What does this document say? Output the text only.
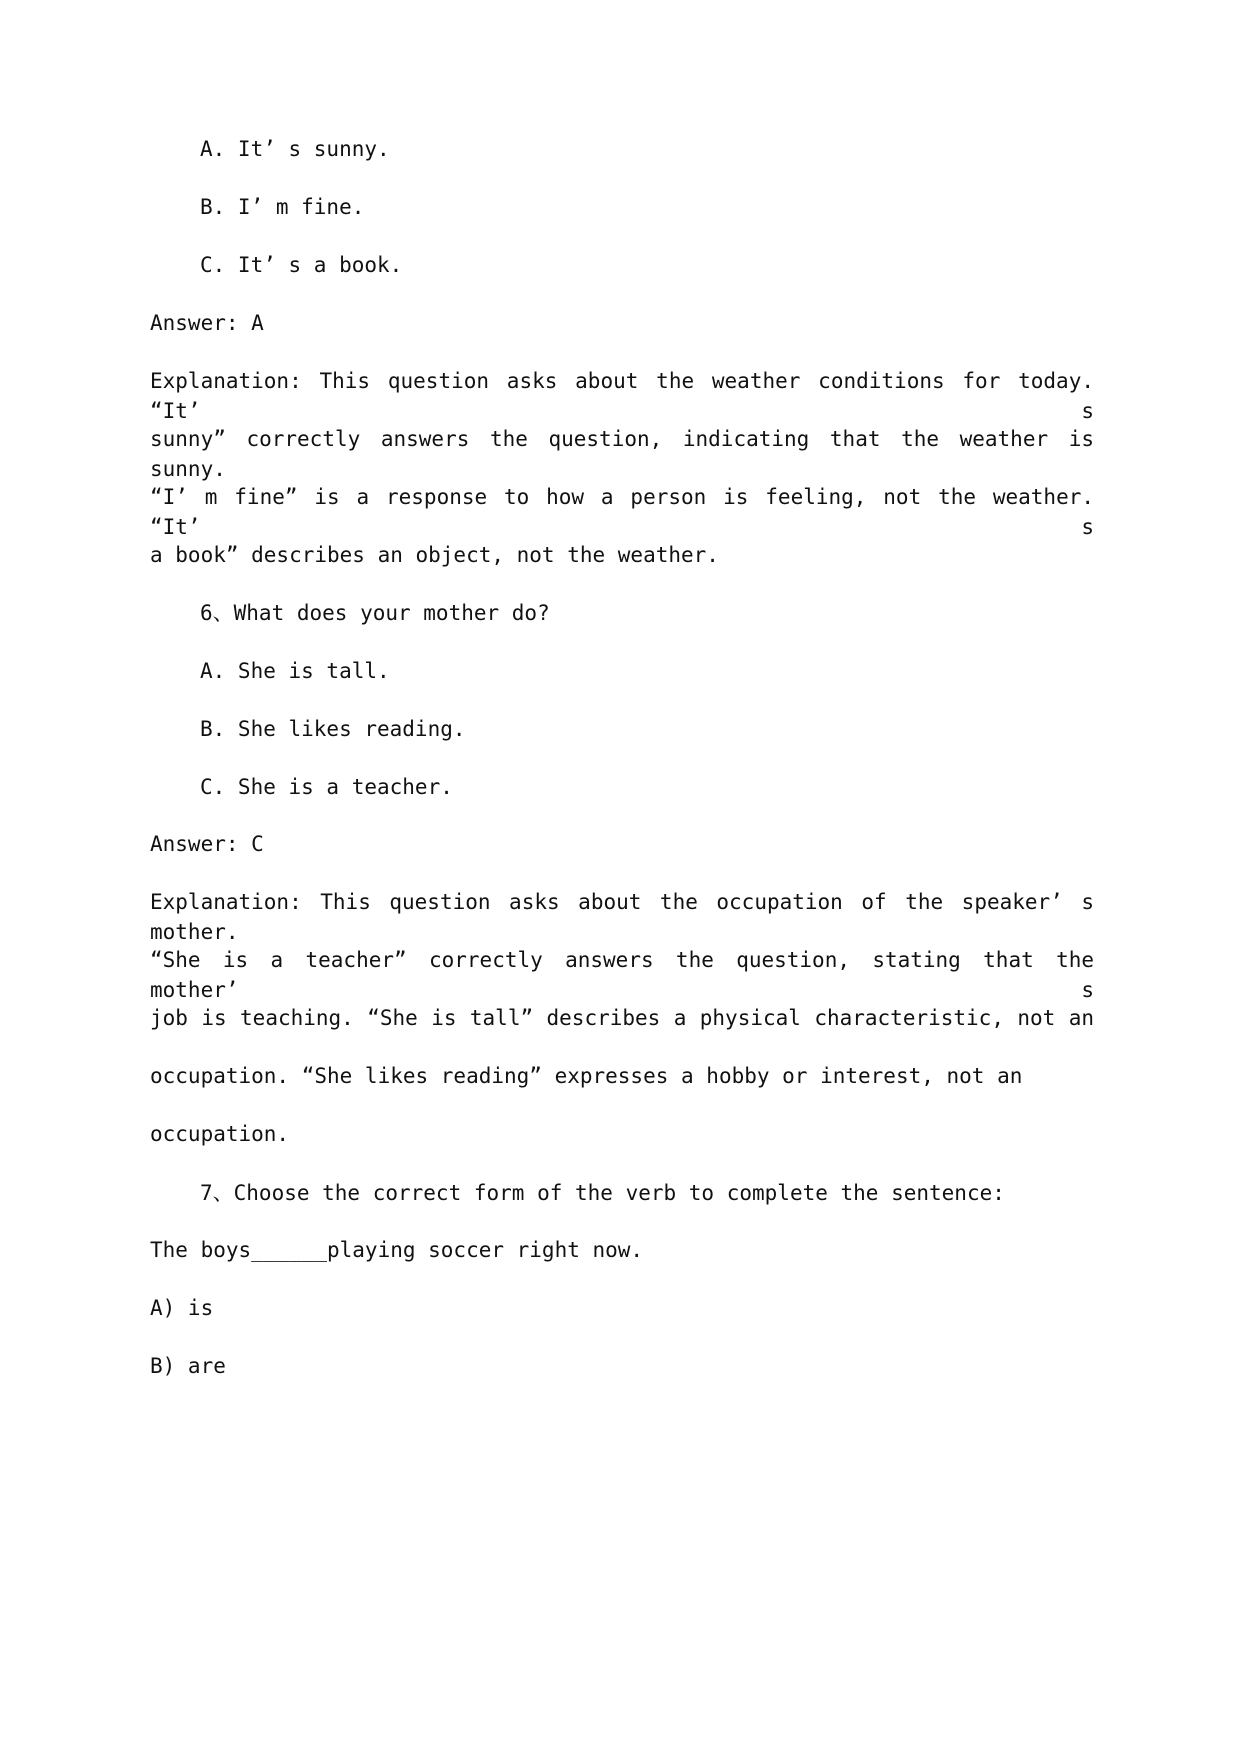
A. It’ s sunny.
B. I’ m fine.
C. It’ s a book.
Answer: A
Explanation: This question asks about the weather conditions for today. “It’ s
sunny” correctly answers the question, indicating that the weather is sunny.
“I’ m fine” is a response to how a person is feeling, not the weather. “It’ s
a book” describes an object, not the weather.
6、What does your mother do?
A. She is tall.
B. She likes reading.
C. She is a teacher.
Answer: C
Explanation: This question asks about the occupation of the speaker’ s mother.
“She is a teacher” correctly answers the question, stating that the mother’ s
job is teaching. “She is tall” describes a physical characteristic, not an
occupation. “She likes reading” expresses a hobby or interest, not an
occupation.
7、Choose the correct form of the verb to complete the sentence:
The boys______playing soccer right now.
A) is
B) are
